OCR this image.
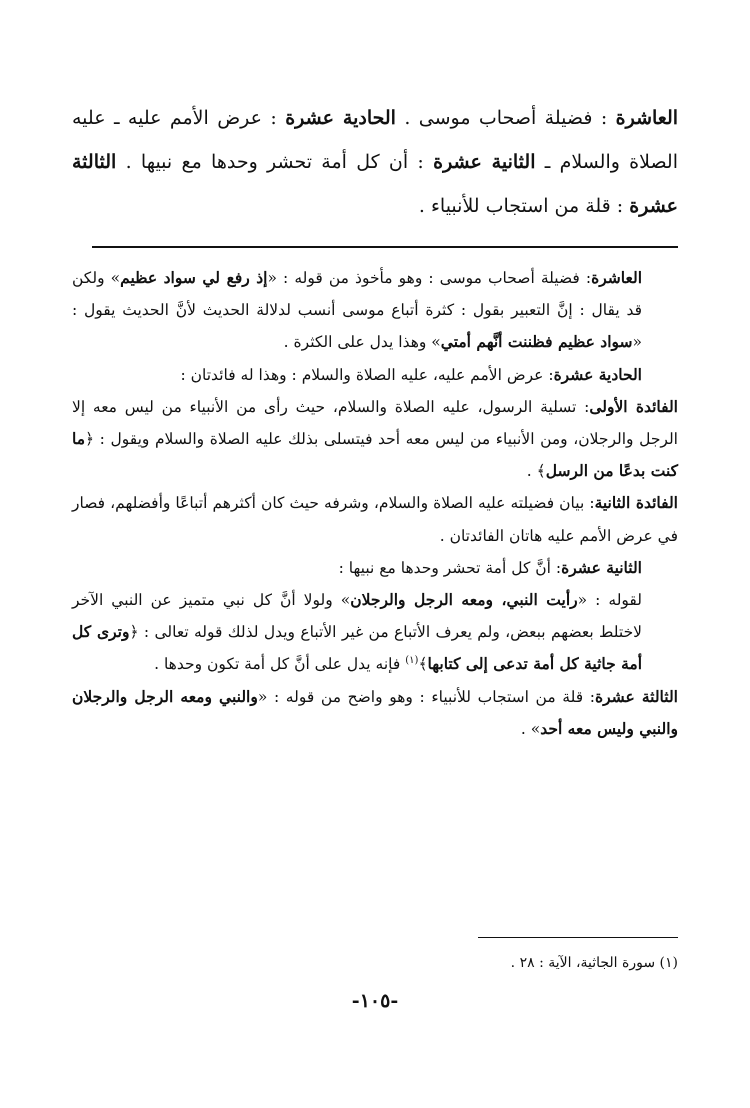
العاشرة : فضيلة أصحاب موسى . الحادية عشرة : عرض الأمم عليه ـ عليه الصلاة والسلام ـ الثانية عشرة : أن كل أمة تحشر وحدها مع نبيها . الثالثة عشرة : قلة من استجاب للأنبياء .

العاشرة: فضيلة أصحاب موسى : وهو مأخوذ من قوله : «إذ رفع لي سواد عظيم» ولكن قد يقال : إنَّ التعبير بقول : كثرة أتباع موسى أنسب لدلالة الحديث لأنَّ الحديث يقول : «سواد عظيم فظننت أنَّهم أمتي» وهذا يدل على الكثرة .

الحادية عشرة: عرض الأمم عليه، عليه الصلاة والسلام : وهذا له فائدتان :

الفائدة الأولى: تسلية الرسول، عليه الصلاة والسلام، حيث رأى من الأنبياء من ليس معه إلا الرجل والرجلان، ومن الأنبياء من ليس معه أحد فيتسلى بذلك عليه الصلاة والسلام ويقول : ﴿ما كنت بدعًا من الرسل﴾ .

الفائدة الثانية: بيان فضيلته عليه الصلاة والسلام، وشرفه حيث كان أكثرهم أتباعًا وأفضلهم، فصار في عرض الأمم عليه هاتان الفائدتان .

الثانية عشرة: أنَّ كل أمة تحشر وحدها مع نبيها :

لقوله : «رأيت النبي، ومعه الرجل والرجلان» ولولا أنَّ كل نبي متميز عن النبي الآخر لاختلط بعضهم ببعض، ولم يعرف الأتباع من غير الأتباع ويدل لذلك قوله تعالى : ﴿وترى كل أمة جاثية كل أمة تدعى إلى كتابها﴾$^{(١)}$ فإنه يدل على أنَّ كل أمة تكون وحدها .

الثالثة عشرة: قلة من استجاب للأنبياء : وهو واضح من قوله : «والنبي ومعه الرجل والرجلان والنبي وليس معه أحد» .

(١) سورة الجاثية، الآية : ٢٨ .
-١٠٥-
